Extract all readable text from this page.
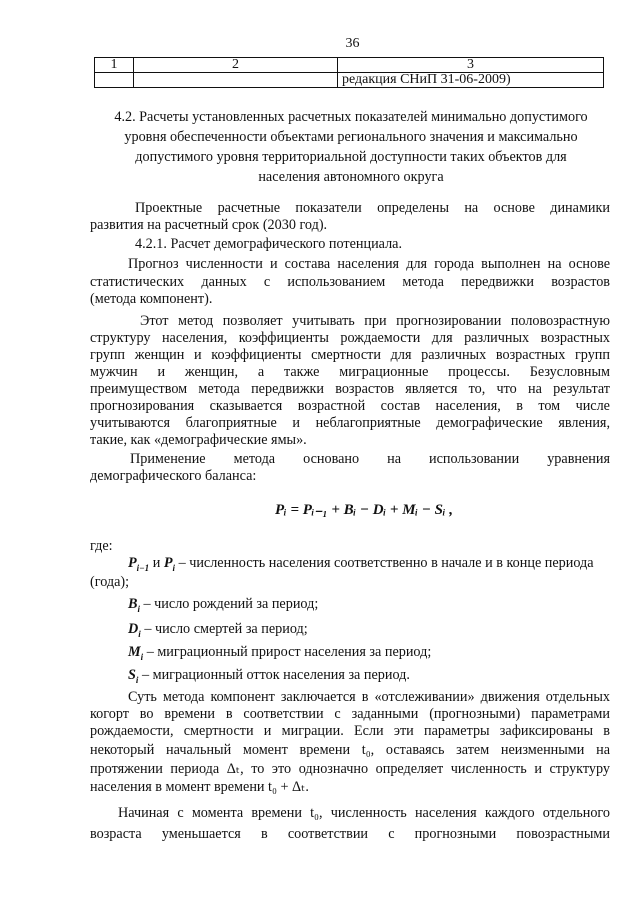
36
1	2	3
		редакция СНиП 31-06-2009)
4.2. Расчеты установленных расчетных показателей минимально допустимого
уровня обеспеченности объектами регионального значения и максимально
допустимого уровня территориальной доступности таких объектов для
населения автономного округа
Проектные расчетные показатели определены на основе динамики
развития на расчетный срок (2030 год).
4.2.1. Расчет демографического потенциала.
Прогноз численности и состава населения для города выполнен на основе
статистических данных с использованием метода передвижки возрастов
(метода компонент).
Этот метод позволяет учитывать при прогнозировании половозрастную
структуру населения, коэффициенты рождаемости для различных возрастных
групп женщин и коэффициенты смертности для различных возрастных групп
мужчин и женщин, а также миграционные процессы. Безусловным
преимуществом метода передвижки возрастов является то, что на результат
прогнозирования сказывается возрастной состав населения, в том числе
учитываются благоприятные и неблагоприятные демографические явления,
такие, как «демографические ямы».
Применение метода основано на использовании уравнения
демографического баланса:
Pᵢ = Pᵢ₋₁ + Bᵢ − Dᵢ + Mᵢ − Sᵢ ,
где:
$P_{i-1}$ и $P_i$ – численность населения соответственно в начале и в конце периода
(года);
$B_i$ – число рождений за период;
$D_i$ – число смертей за период;
$M_i$ – миграционный прирост населения за период;
$S_i$ – миграционный отток населения за период.
Суть метода компонент заключается в «отслеживании» движения отдельных
когорт во времени в соответствии с заданными (прогнозными) параметрами
рождаемости, смертности и миграции. Если эти параметры зафиксированы в
некоторый начальный момент времени t₀, оставаясь затем неизменными на
протяжении периода Δₜ, то это однозначно определяет численность и структуру
населения в момент времени t₀ + Δₜ.
Начиная с момента времени t₀, численность населения каждого отдельного
возраста уменьшается в соответствии с прогнозными повозрастными
